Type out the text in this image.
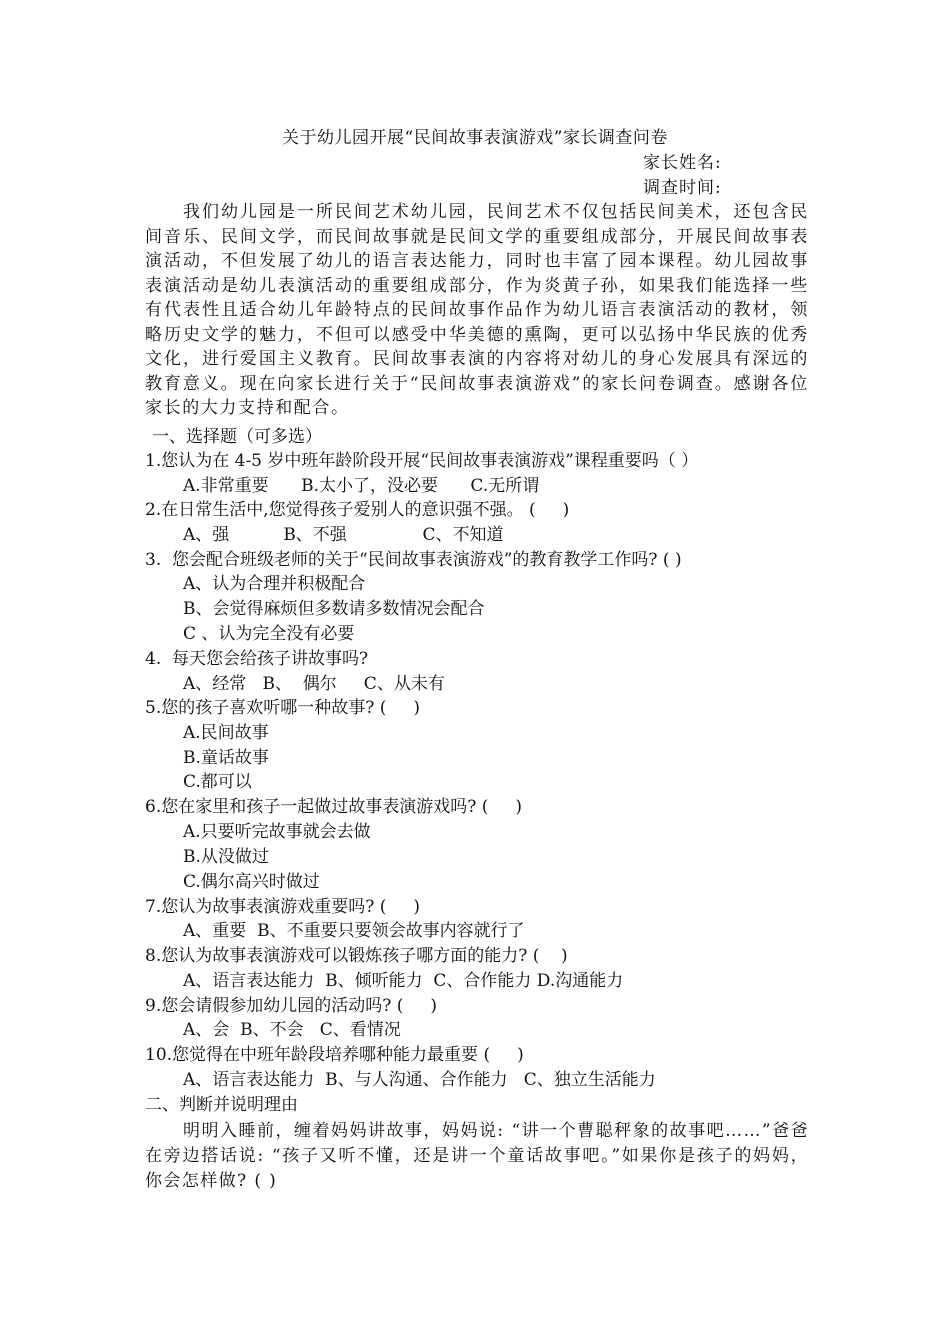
关于幼儿园开展“民间故事表演游戏”家长调查问卷
家长姓名:
调查时间:

我们幼儿园是一所民间艺术幼儿园，民间艺术不仅包括民间美术，还包含民间音乐、民间文学，而民间故事就是民间文学的重要组成部分，开展民间故事表演活动，不但发展了幼儿的语言表达能力，同时也丰富了园本课程。幼儿园故事表演活动是幼儿表演活动的重要组成部分，作为炎黄子孙，如果我们能选择一些有代表性且适合幼儿年龄特点的民间故事作品作为幼儿语言表演活动的教材，领略历史文学的魅力，不但可以感受中华美德的熏陶，更可以弘扬中华民族的优秀文化，进行爱国主义教育。民间故事表演的内容将对幼儿的身心发展具有深远的教育意义。现在向家长进行关于“民间故事表演游戏”的家长问卷调查。感谢各位家长的大力支持和配合。

一、选择题（可多选）
1.您认为在 4-5 岁中班年龄阶段开展“民间故事表演游戏”课程重要吗（ ）
A.非常重要      B.太小了，没必要      C.无所谓
2.在日常生活中,您觉得孩子爱别人的意识强不强。 (     )
A、强          B、不强              C、不知道
3.  您会配合班级老师的关于“民间故事表演游戏”的教育教学工作吗? ( )
A、认为合理并积极配合
B、会觉得麻烦但多数请多数情况会配合
C 、认为完全没有必要
4.  每天您会给孩子讲故事吗?
A、经常   B、  偶尔     C、从未有
5.您的孩子喜欢听哪一种故事? (     )
A.民间故事
B.童话故事
C.都可以
6.您在家里和孩子一起做过故事表演游戏吗? (     )
A.只要听完故事就会去做
B.从没做过
C.偶尔高兴时做过
7.您认为故事表演游戏重要吗? (     )
A、重要  B、不重要只要领会故事内容就行了
8.您认为故事表演游戏可以锻炼孩子哪方面的能力? (    )
A、语言表达能力  B、倾听能力  C、合作能力 D.沟通能力
9.您会请假参加幼儿园的活动吗? (     )
A、会  B、不会   C、看情况
10.您觉得在中班年龄段培养哪种能力最重要 (     )
A、语言表达能力  B、与人沟通、合作能力   C、独立生活能力
二、判断并说明理由

明明入睡前，缠着妈妈讲故事，妈妈说: “讲一个曹聪秤象的故事吧……”爸爸在旁边搭话说: “孩子又听不懂，还是讲一个童话故事吧。”如果你是孩子的妈妈，你会怎样做? ( )
